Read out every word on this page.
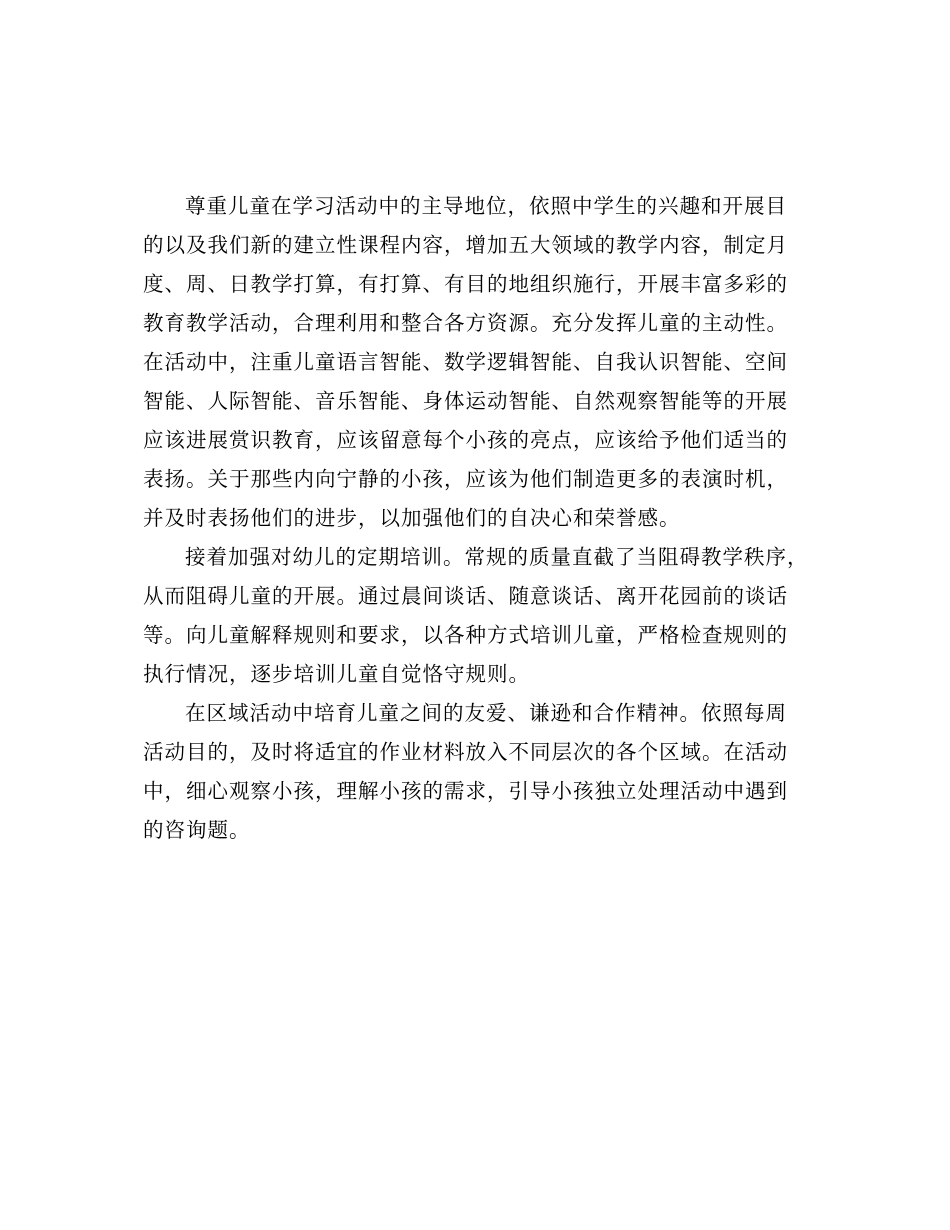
尊重儿童在学习活动中的主导地位，依照中学生的兴趣和开展目
的以及我们新的建立性课程内容，增加五大领域的教学内容，制定月
度、周、日教学打算，有打算、有目的地组织施行，开展丰富多彩的
教育教学活动，合理利用和整合各方资源。充分发挥儿童的主动性。
在活动中，注重儿童语言智能、数学逻辑智能、自我认识智能、空间
智能、人际智能、音乐智能、身体运动智能、自然观察智能等的开展
应该进展赏识教育，应该留意每个小孩的亮点，应该给予他们适当的
表扬。关于那些内向宁静的小孩，应该为他们制造更多的表演时机，
并及时表扬他们的进步，以加强他们的自决心和荣誉感。

接着加强对幼儿的定期培训。常规的质量直截了当阻碍教学秩序，
从而阻碍儿童的开展。通过晨间谈话、随意谈话、离开花园前的谈话
等。向儿童解释规则和要求，以各种方式培训儿童，严格检查规则的
执行情况，逐步培训儿童自觉恪守规则。

在区域活动中培育儿童之间的友爱、谦逊和合作精神。依照每周
活动目的，及时将适宜的作业材料放入不同层次的各个区域。在活动
中，细心观察小孩，理解小孩的需求，引导小孩独立处理活动中遇到
的咨询题。
